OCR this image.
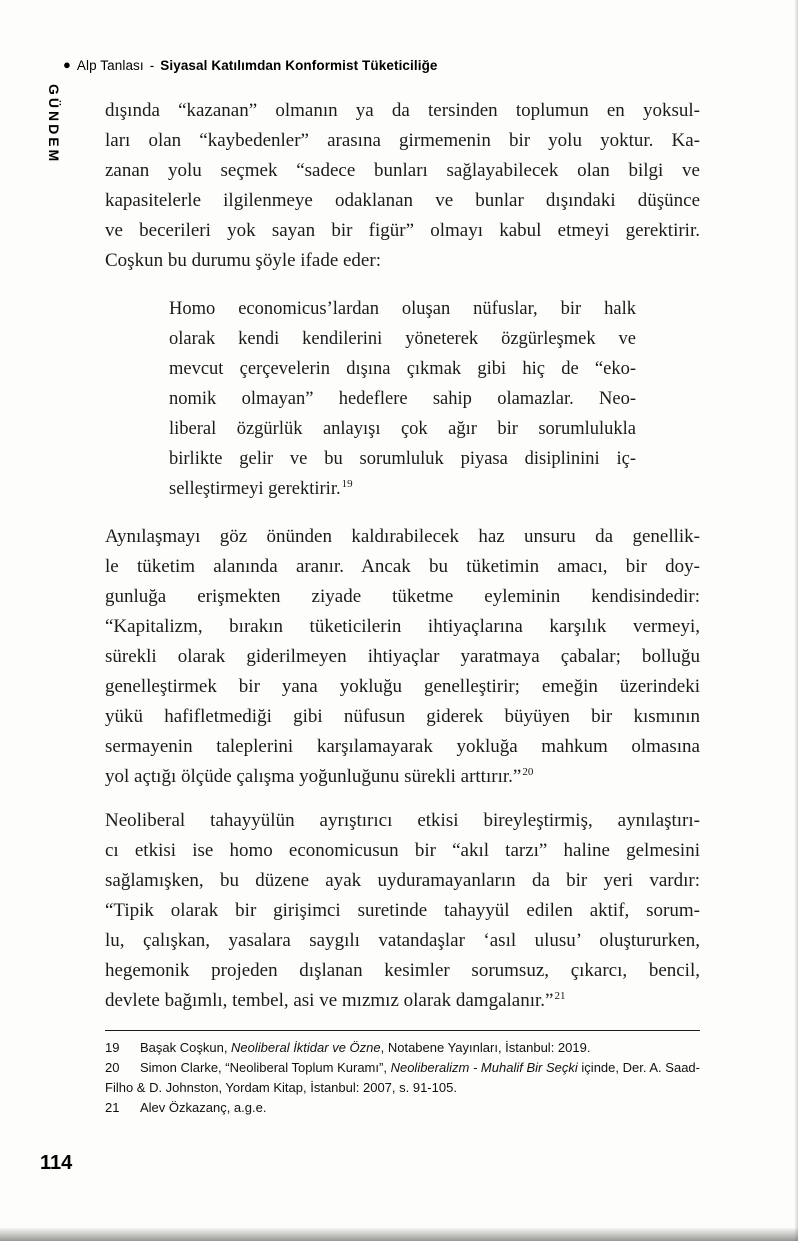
● Alp Tanlası - Siyasal Katılımdan Konformist Tüketiciliğe
GÜNDEM dışında “kazanan” olmanın ya da tersinden toplumun en yoksul-
ları olan “kaybedenler” arasına girmemenin bir yolu yoktur. Ka-
zanan yolu seçmek “sadece bunları sağlayabilecek olan bilgi ve
kapasitelerle ilgilenmeye odaklanan ve bunlar dışındaki düşünce
ve becerileri yok sayan bir figür” olmayı kabul etmeyi gerektirir.
Coşkun bu durumu şöyle ifade eder:
Homo economicus’lardan oluşan nüfuslar, bir halk
olarak kendi kendilerini yöneterek özgürleşmek ve
mevcut çerçevelerin dışına çıkmak gibi hiç de “eko-
nomik olmayan” hedeflere sahip olamazlar. Neo-
liberal özgürlük anlayışı çok ağır bir sorumlulukla
birlikte gelir ve bu sorumluluk piyasa disiplinini iç-
selleştirmeyi gerektirir.$^{19}$
Aynılaşmayı göz önünden kaldırabilecek haz unsuru da genellik-
le tüketim alanında aranır. Ancak bu tüketimin amacı, bir doy-
gunluğa erişmekten ziyade tüketme eyleminin kendisindedir:
“Kapitalizm, bırakın tüketicilerin ihtiyaçlarına karşılık vermeyi,
sürekli olarak giderilmeyen ihtiyaçlar yaratmaya çabalar; bolluğu
genelleştirmek bir yana yokluğu genelleştirir; emeğin üzerindeki
yükü hafifletmediği gibi nüfusun giderek büyüyen bir kısmının
sermayenin taleplerini karşılamayarak yokluğa mahkum olmasına
yol açtığı ölçüde çalışma yoğunluğunu sürekli arttırır.”$^{20}$
Neoliberal tahayyülün ayrıştırıcı etkisi bireyleştirmiş, aynılaştırı-
cı etkisi ise homo economicusun bir “akıl tarzı” haline gelmesini
sağlamışken, bu düzene ayak uyduramayanların da bir yeri vardır:
“Tipik olarak bir girişimci suretinde tahayyül edilen aktif, sorum-
lu, çalışkan, yasalara saygılı vatandaşlar ‘asıl ulusu’ oluştururken,
hegemonik projeden dışlanan kesimler sorumsuz, çıkarcı, bencil,
devlete bağımlı, tembel, asi ve mızmız olarak damgalanır.”$^{21}$
19 Başak Coşkun, Neoliberal İktidar ve Özne, Notabene Yayınları, İstanbul: 2019.
20 Simon Clarke, “Neoliberal Toplum Kuramı”, Neoliberalizm - Muhalif Bir Seçki içinde, Der. A. Saad-Filho & D. Johnston, Yordam Kitap, İstanbul: 2007, s. 91-105.
21 Alev Özkazanç, a.g.e.
114
